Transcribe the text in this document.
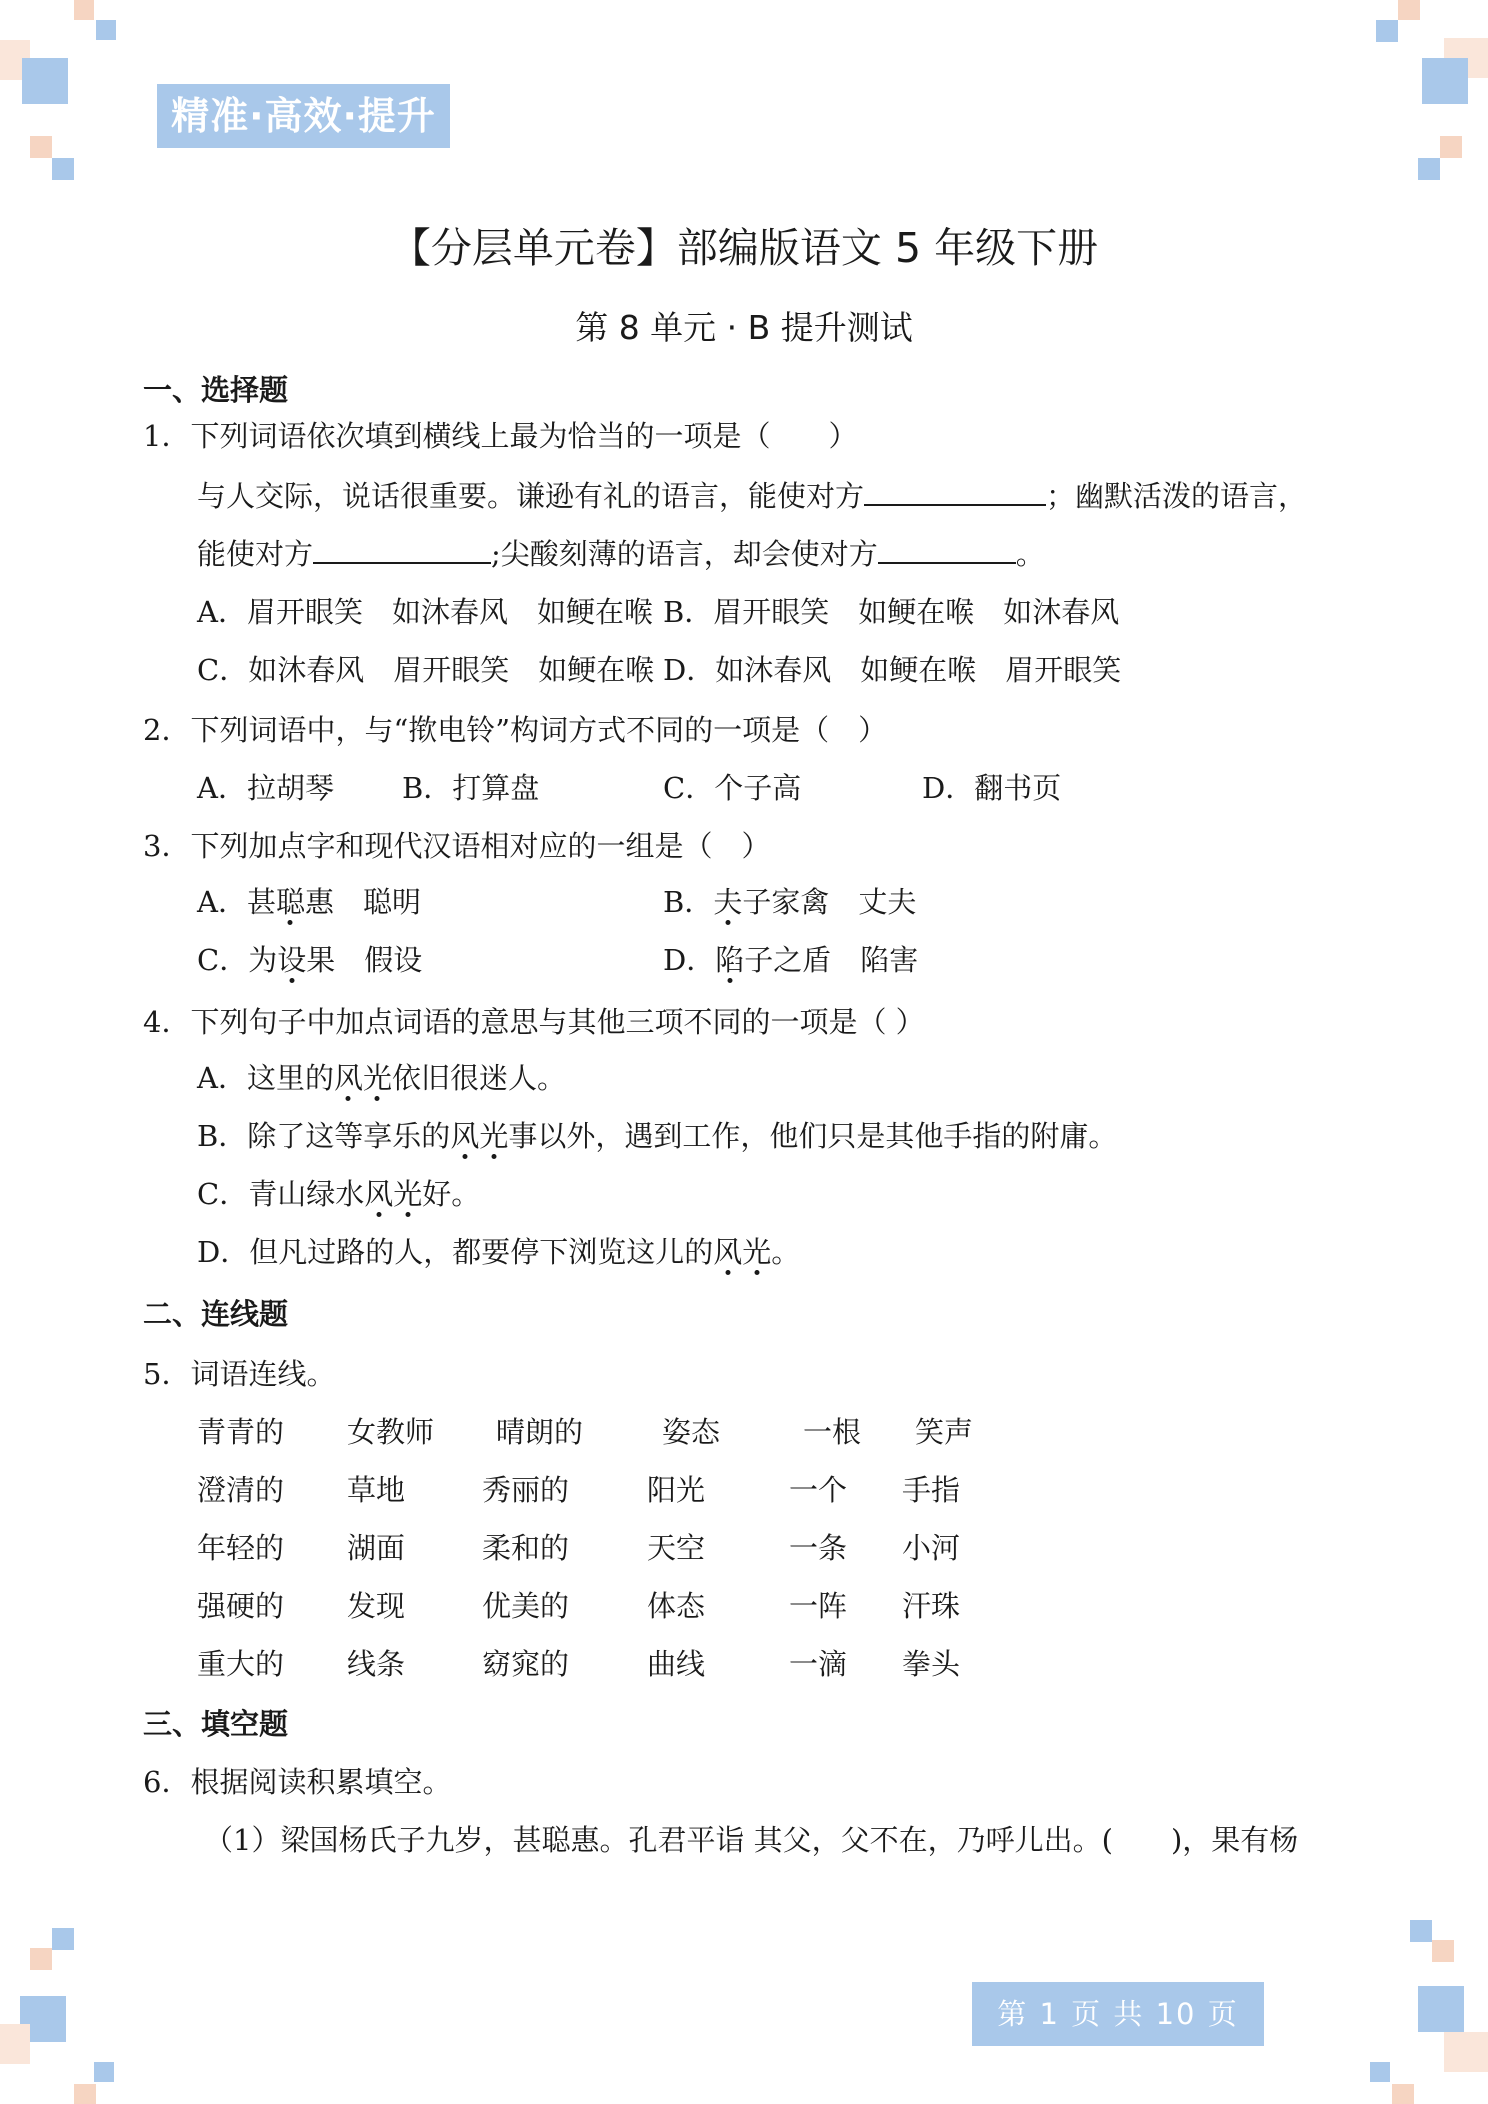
精准·高效·提升
【分层单元卷】部编版语文 5 年级下册
第 8 单元 · B 提升测试
一、选择题
1．下列词语依次填到横线上最为恰当的一项是（　　）
与人交际，说话很重要。谦逊有礼的语言，能使对方	；幽默活泼的语言，
能使对方	;尖酸刻薄的语言，却会使对方	。
A．眉开眼笑　如沐春风　如鲠在喉 B．眉开眼笑　如鲠在喉　如沐春风
C．如沐春风　眉开眼笑　如鲠在喉 D．如沐春风　如鲠在喉　眉开眼笑
2．下列词语中，与“揿电铃”构词方式不同的一项是（　）
A．拉胡琴 B．打算盘	C．个子高	D．翻书页
3．下列加点字和现代汉语相对应的一组是（　）
A．甚聪惠　聪明	B．夫子家禽　丈夫
C．为设果　假设	D．陷子之盾　陷害
4．下列句子中加点词语的意思与其他三项不同的一项是（ ）
A．这里的风光依旧很迷人。
B．除了这等享乐的风光事以外，遇到工作，他们只是其他手指的附庸。
C．青山绿水风光好。
D．但凡过路的人，都要停下浏览这儿的风光。
二、连线题
5．词语连线。
青青的 女教师 晴朗的	姿态	一根 笑声
澄清的 草地	秀丽的	阳光	一个 手指
年轻的 湖面	柔和的	天空	一条 小河
强硬的 发现	优美的	体态	一阵 汗珠
重大的 线条	窈窕的	曲线	一滴 拳头
三、填空题
6．根据阅读积累填空。
（1）梁国杨氏子九岁，甚聪惠。孔君平诣 其父，父不在，乃呼儿出。(　　)，果有杨
第 1 页 共 10 页
